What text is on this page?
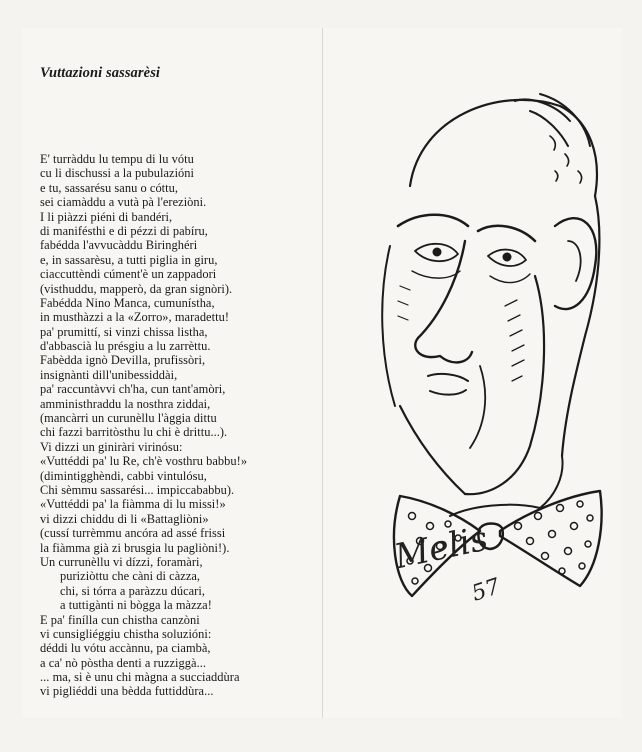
Vuttazioni sassarèsi
E' turràddu lu tempu di lu vótu
cu li dischussi a la pubulazióni
e tu, sassarésu sanu o cóttu,
sei ciamàddu a vutà pà l'ereziòni.
I li piàzzi piéni di bandéri,
di manifésthi e di pézzi di pabíru,
fabédda l'avvucàddu Biringhéri
e, in sassarèsu, a tutti piglia in giru,
ciaccuttèndi cúment'è un zappadori
(visthuddu, mapperò, da gran signòri).
Fabédda Nino Manca, cumunístha,
in musthàzzi a la «Zorro», maradettu!
pa' prumittí, si vinzi chissa listha,
d'abbascià lu présgiu a lu zarrèttu.
Fabèdda ignò Devilla, prufissòri,
insignànti dill'unibessiddài,
pa' raccuntàvvi ch'ha, cun tant'amòri,
amministhraddu la nosthra ziddai,
(mancàrri un curunèllu l'àggia dittu
chi fazzi barritòsthu lu chi è drittu...).
Vi dizzi un giniràri virinósu:
«Vuttéddi pa' lu Re, ch'è vosthru babbu!»
(dimintigghèndi, cabbi vintulósu,
Chi sèmmu sassarési... impiccababbu).
«Vuttéddi pa' la fiàmma di lu missi!»
vi dizzi chiddu di li «Battagliòni»
(cussí turrèmmu ancóra ad assé frissi
la fiàmma già zi brusgia lu pagliòni!).
Un currunèllu vi dízzi, foramàri,
puriziòttu che càni di càzza,
chi, si tórra a paràzzu dúcari,
a tuttigànti ni bògga la màzza!
E pa' finílla cun chistha canzòni
vi cunsigliéggiu chistha soluzióni:
déddi lu vótu accànnu, pa ciambà,
a ca' nò pòstha denti a ruzziggà...
... ma, si è unu chi màgna a succiaddùra
vi pigliéddi una bèdda futtiddùra...
Melis
57
